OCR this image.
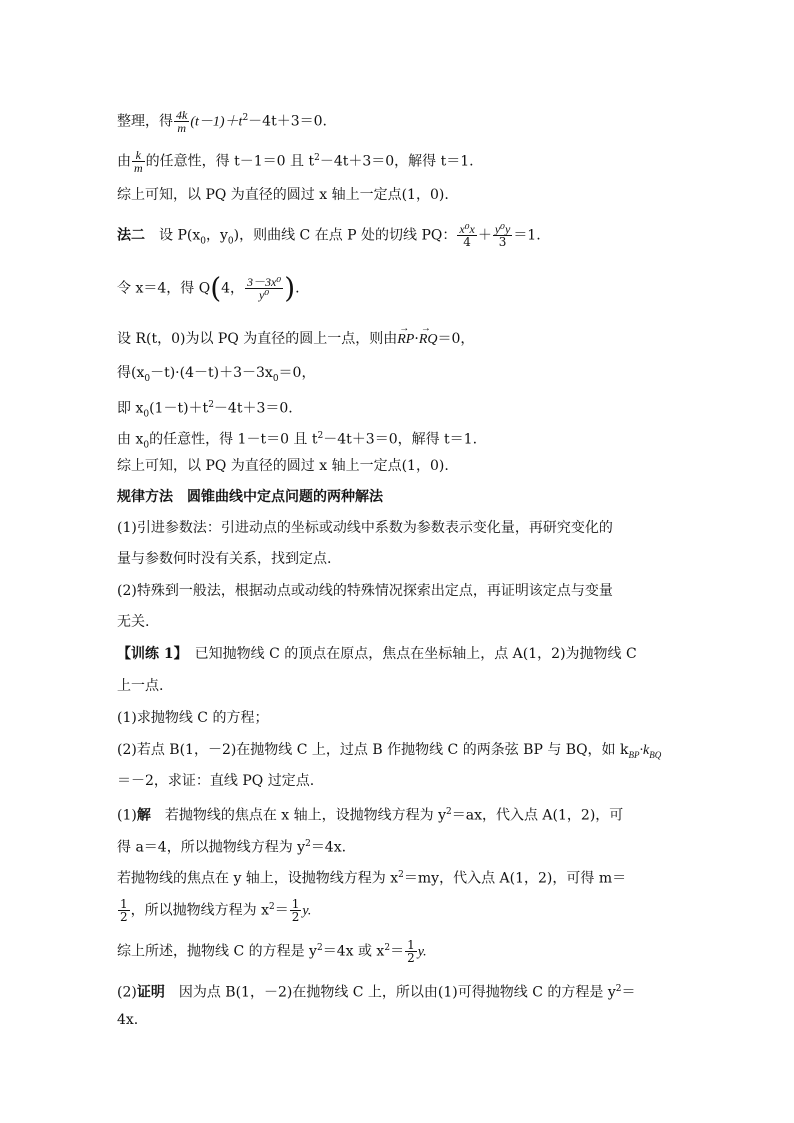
整理，得 $\frac{4k}{m} (t-1)+t^2-4t+3=0$.
由 $\frac{k}{m}$ 的任意性，得 t－1＝0 且 $t^2-4t+3=0$，解得 t＝1.
综上可知，以 PQ 为直径的圆过 x 轴上一定点(1，0).
法二　设 $P(x_0$，$y_0$)，则曲线 C 在点 P 处的切线 PQ： $\frac{\text{x⁰x}}{4} + \frac{\text{y⁰y}}{3} =1$.
令 x＝4，得 Q(4， $\frac{\text{3－3x⁰}}{\text{y⁰}}$ ).
设 R(t，0)为以 PQ 为直径的圆上一点，则由→ RP·→ RQ＝0，
得$(x_0-t)\cdot(4-t)+3-3x_0=0$，
即 $x_0(1-t)+t^2-4t+3=0$.
由 $x_0$的任意性，得 1－t＝0 且 $t^2-4t+3=0$，解得 t＝1.
综上可知，以 PQ 为直径的圆过 x 轴上一定点(1，0).
规律方法　圆锥曲线中定点问题的两种解法
(1)引进参数法：引进动点的坐标或动线中系数为参数表示变化量，再研究变化的
量与参数何时没有关系，找到定点.
(2)特殊到一般法，根据动点或动线的特殊情况探索出定点，再证明该定点与变量
无关.
【训练 1】　已知抛物线 C 的顶点在原点，焦点在坐标轴上，点 A(1，2)为抛物线 C
上一点.
(1)求抛物线 C 的方程；
(2)若点 B(1，－2)在抛物线 C 上，过点 B 作抛物线 C 的两条弦 BP 与 BQ，如 $k_{BP}\cdot k_{BQ}$
＝－2，求证：直线 PQ 过定点.
(1)解　若抛物线的焦点在 x 轴上，设抛物线方程为 $y^2=ax$，代入点 A(1，2)，可
得 a＝4，所以抛物线方程为 $y^2=4x$.
若抛物线的焦点在 y 轴上，设抛物线方程为 $x^2=my$，代入点 A(1，2)，可得 m＝
$\frac{1}{2}$ ，所以抛物线方程为 $x^2= \frac{1}{2} y$.
综上所述，抛物线 C 的方程是 $y^2=4x$ 或 $x^2= \frac{1}{2} y$.
(2)证明　因为点 B(1，－2)在抛物线 C 上，所以由(1)可得抛物线 C 的方程是 $y^2=$
4x.
